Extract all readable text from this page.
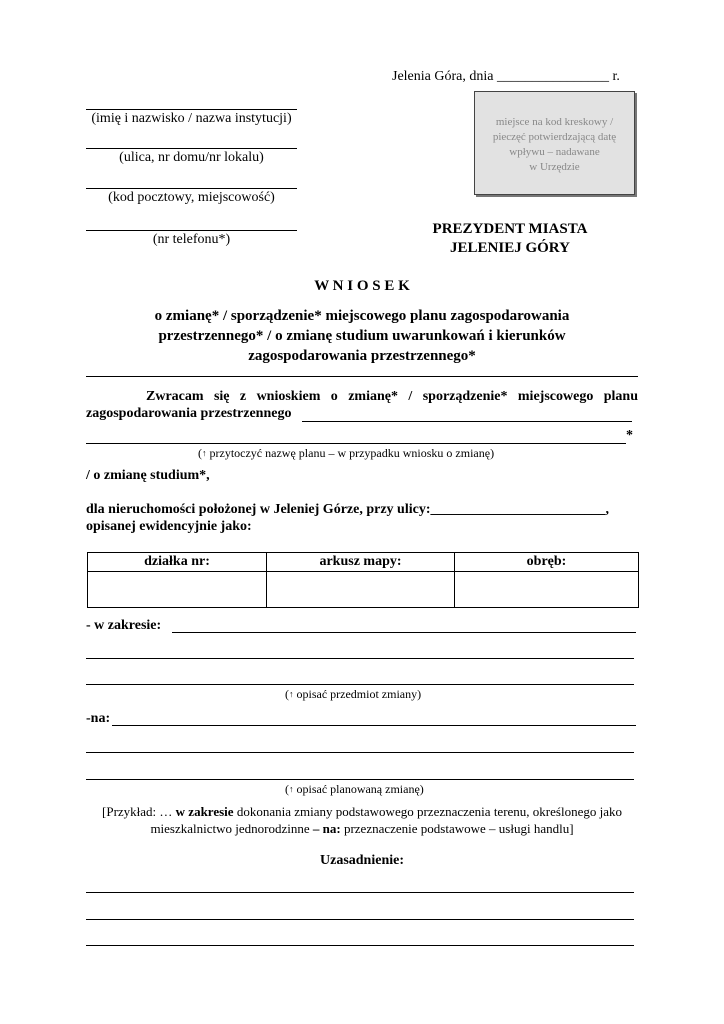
Jelenia Góra, dnia ________________ r.
(imię i nazwisko / nazwa instytucji)
(ulica, nr domu/nr lokalu)
(kod pocztowy, miejscowość)
(nr telefonu*)
miejsce na kod kreskowy /
pieczęć potwierdzającą datę
wpływu – nadawane
w Urzędzie
PREZYDENT MIASTA
JELENIEJ GÓRY
W N I O S E K
o zmianę* / sporządzenie* miejscowego planu zagospodarowania
przestrzennego* / o zmianę studium uwarunkowań i kierunków
zagospodarowania przestrzennego*
Zwracam się z wnioskiem o zmianę* / sporządzenie* miejscowego planu
zagospodarowania przestrzennego
*
(↑ przytoczyć nazwę planu – w przypadku wniosku o zmianę)
/ o zmianę studium*,
dla nieruchomości położonej w Jeleniej Górze, przy ulicy:_________________________,
opisanej ewidencyjnie jako:
działka nr:	arkusz mapy:	obręb:

- w zakresie:
(↑ opisać przedmiot zmiany)
-na:
(↑ opisać planowaną zmianę)
[Przykład: … w zakresie dokonania zmiany podstawowego przeznaczenia terenu, określonego jako
mieszkalnictwo jednorodzinne – na: przeznaczenie podstawowe – usługi handlu]
Uzasadnienie:
